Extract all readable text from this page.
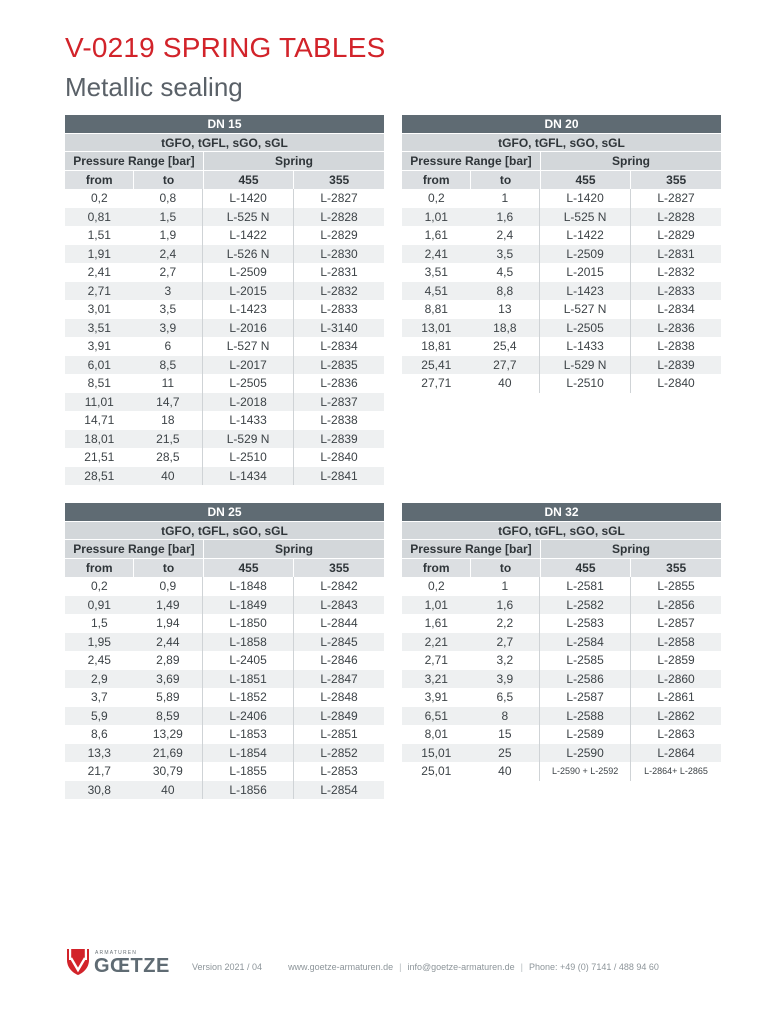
V-0219 SPRING TABLES
Metallic sealing
DN 15
tGFO, tGFL, sGO, sGL
Pressure Range [bar]	Spring
from	to	455	355
0,2	0,8	L-1420	L-2827
0,81	1,5	L-525 N	L-2828
1,51	1,9	L-1422	L-2829
1,91	2,4	L-526 N	L-2830
2,41	2,7	L-2509	L-2831
2,71	3	L-2015	L-2832
3,01	3,5	L-1423	L-2833
3,51	3,9	L-2016	L-3140
3,91	6	L-527 N	L-2834
6,01	8,5	L-2017	L-2835
8,51	11	L-2505	L-2836
11,01	14,7	L-2018	L-2837
14,71	18	L-1433	L-2838
18,01	21,5	L-529 N	L-2839
21,51	28,5	L-2510	L-2840
28,51	40	L-1434	L-2841
DN 20
tGFO, tGFL, sGO, sGL
Pressure Range [bar]	Spring
from	to	455	355
0,2	1	L-1420	L-2827
1,01	1,6	L-525 N	L-2828
1,61	2,4	L-1422	L-2829
2,41	3,5	L-2509	L-2831
3,51	4,5	L-2015	L-2832
4,51	8,8	L-1423	L-2833
8,81	13	L-527 N	L-2834
13,01	18,8	L-2505	L-2836
18,81	25,4	L-1433	L-2838
25,41	27,7	L-529 N	L-2839
27,71	40	L-2510	L-2840
DN 25
tGFO, tGFL, sGO, sGL
Pressure Range [bar]	Spring
from	to	455	355
0,2	0,9	L-1848	L-2842
0,91	1,49	L-1849	L-2843
1,5	1,94	L-1850	L-2844
1,95	2,44	L-1858	L-2845
2,45	2,89	L-2405	L-2846
2,9	3,69	L-1851	L-2847
3,7	5,89	L-1852	L-2848
5,9	8,59	L-2406	L-2849
8,6	13,29	L-1853	L-2851
13,3	21,69	L-1854	L-2852
21,7	30,79	L-1855	L-2853
30,8	40	L-1856	L-2854
DN 32
tGFO, tGFL, sGO, sGL
Pressure Range [bar]	Spring
from	to	455	355
0,2	1	L-2581	L-2855
1,01	1,6	L-2582	L-2856
1,61	2,2	L-2583	L-2857
2,21	2,7	L-2584	L-2858
2,71	3,2	L-2585	L-2859
3,21	3,9	L-2586	L-2860
3,91	6,5	L-2587	L-2861
6,51	8	L-2588	L-2862
8,01	15	L-2589	L-2863
15,01	25	L-2590	L-2864
25,01	40	L-2590 + L-2592	L-2864+ L-2865
ARMATUREN
GŒTZE Version 2021 / 04	www.goetze-armaturen.de | info@goetze-armaturen.de | Phone: +49 (0) 7141 / 488 94 60
